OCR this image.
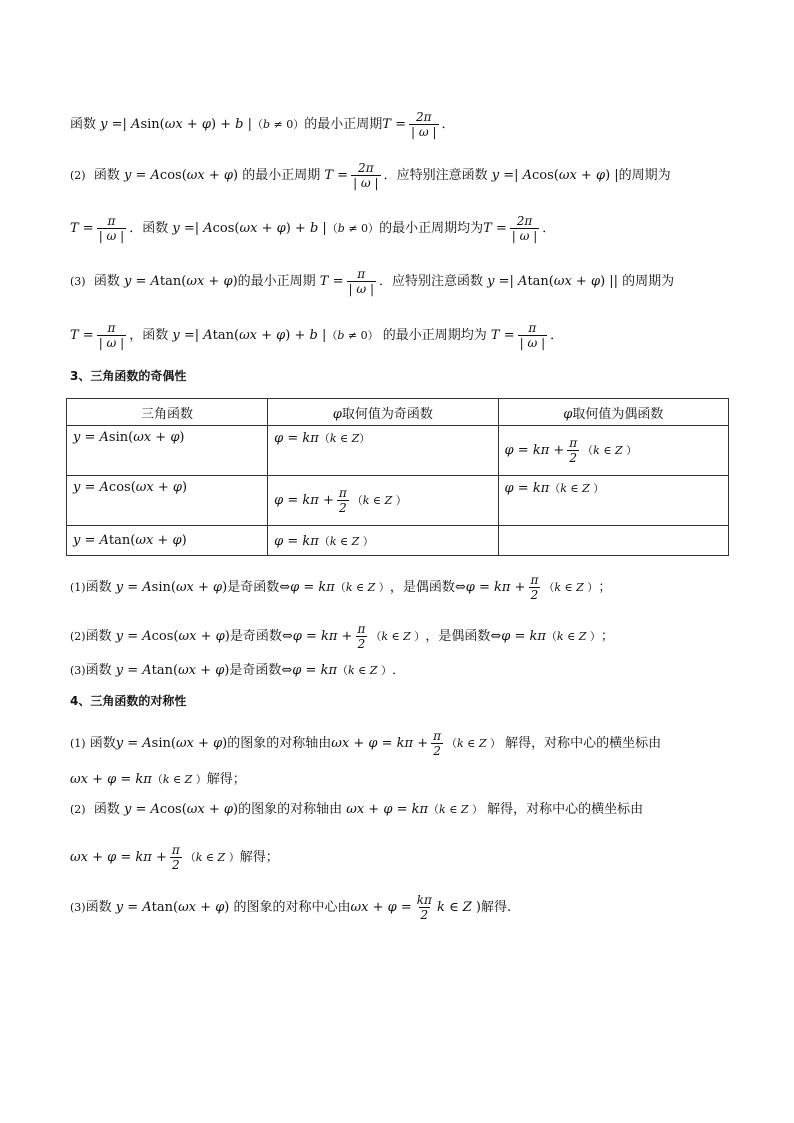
函数 y =| A sin( ωx + φ ) + b | （b ≠ 0） 的最小正周期 $T = \frac{2\pi}{| \omega |}$ ．
(2)
函数 y = A cos( ωx + φ ) 的最小正周期
$T = \frac{2\pi}{| \omega |}$ ．应特别注意函数 y =| A cos( ωx + φ ) | 的周期为
$T = \frac{\pi}{| \omega |}$ ．函数 y =| A cos( ωx + φ ) + b | （b ≠ 0） 的最小正周期均为 $T = \frac{2\pi}{| \omega |}$ ．
(3)
函数 y = A tan( ωx + φ ) 的最小正周期 $T = \frac{\pi}{| \omega |}$ ．应特别注意函数 y =| A tan( ωx + φ ) || 的周期为
$T = \frac{\pi}{| \omega |}$ ，函数 y =| A tan( ωx + φ ) + b | （b ≠ 0） 的最小正周期均为 $T = \frac{\pi}{| \omega |}$ ．
3、三角函数的奇偶性
三角函数	φ取何值为奇函数	φ取何值为偶函数
y = Asin(ωx + φ)	φ = kπ（k ∈ Z）	$\varphi = k\pi + \frac{\pi}{2} (k$ ∈ Z ）
y = Acos(ωx + φ)	$\varphi = k\pi + \frac{\pi}{2} (k$ ∈ Z ）	φ = kπ（k ∈ Z ）
y = Atan(ωx + φ)	φ = kπ（k ∈ Z ）	
(1) 函数 y = A sin( ωx + φ ) 是奇函数⇔ φ = kπ （k ∈ Z ） ，是偶函数⇔ $\varphi = k\pi + \frac{\pi}{2} (k$ ∈ Z ） ；
(2) 函数 y = A cos( ωx + φ ) 是奇函数⇔ $\varphi = k\pi + \frac{\pi}{2} (k$ ∈ Z ） ，是偶函数⇔ φ = kπ （k ∈ Z ） ；
(3) 函数 y = A tan( ωx + φ ) 是奇函数⇔ φ = kπ （k ∈ Z ） ．
4、三角函数的对称性
(1)
函数 y = A sin( ωx + φ ) 的图象的对称轴由 $\omega x + \varphi = k\pi + \frac{\pi}{2} (k$ ∈ Z ） 解得，对称中心的横坐标由
ωx + φ = kπ （k ∈ Z ） 解得；
(2)
函数 y = A cos( ωx + φ ) 的图象的对称轴由
ωx + φ = kπ （k ∈ Z ） 解得，对称中心的横坐标由
$\omega x + \varphi = k\pi + \frac{\pi}{2} (k$ ∈ Z ） 解得；
(3) 函数 y = A tan( ωx + φ ) 的图象的对称中心由 $\omega x + \varphi = \frac{k\pi}{2}$ k ∈ Z ) 解得.
